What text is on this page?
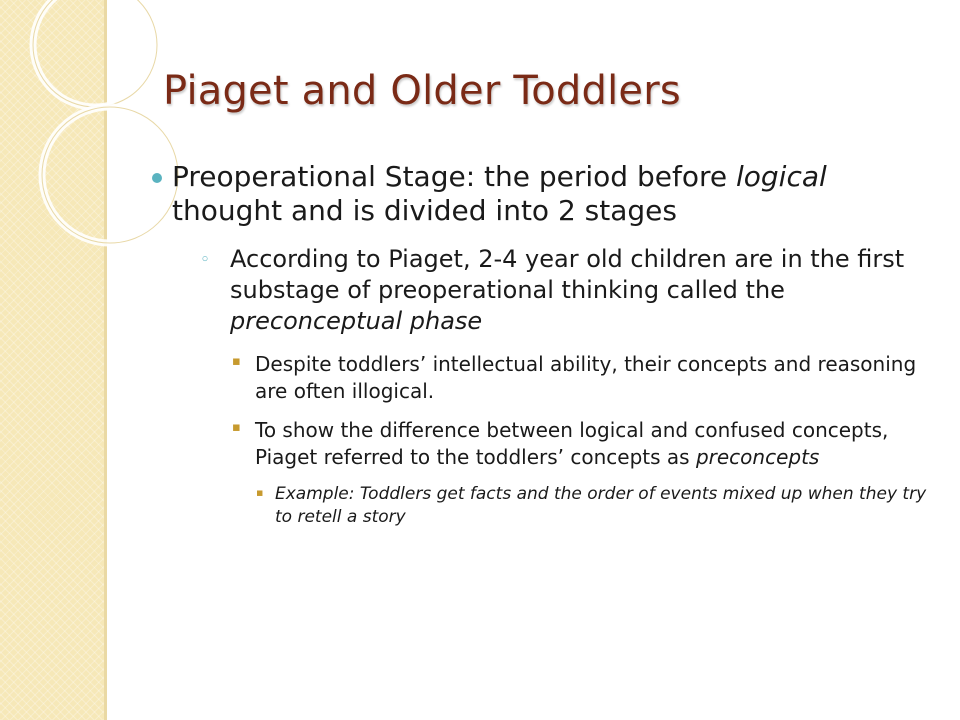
Piaget and Older Toddlers

Preoperational Stage: the period before logical thought and is divided into 2 stages

◦ According to Piaget, 2-4 year old children are in the first substage of preoperational thinking called the preconceptual phase

▪ Despite toddlers’ intellectual ability, their concepts and reasoning are often illogical.

▪ To show the difference between logical and confused concepts, Piaget referred to the toddlers’ concepts as preconcepts

▪ Example: Toddlers get facts and the order of events mixed up when they try to retell a story
